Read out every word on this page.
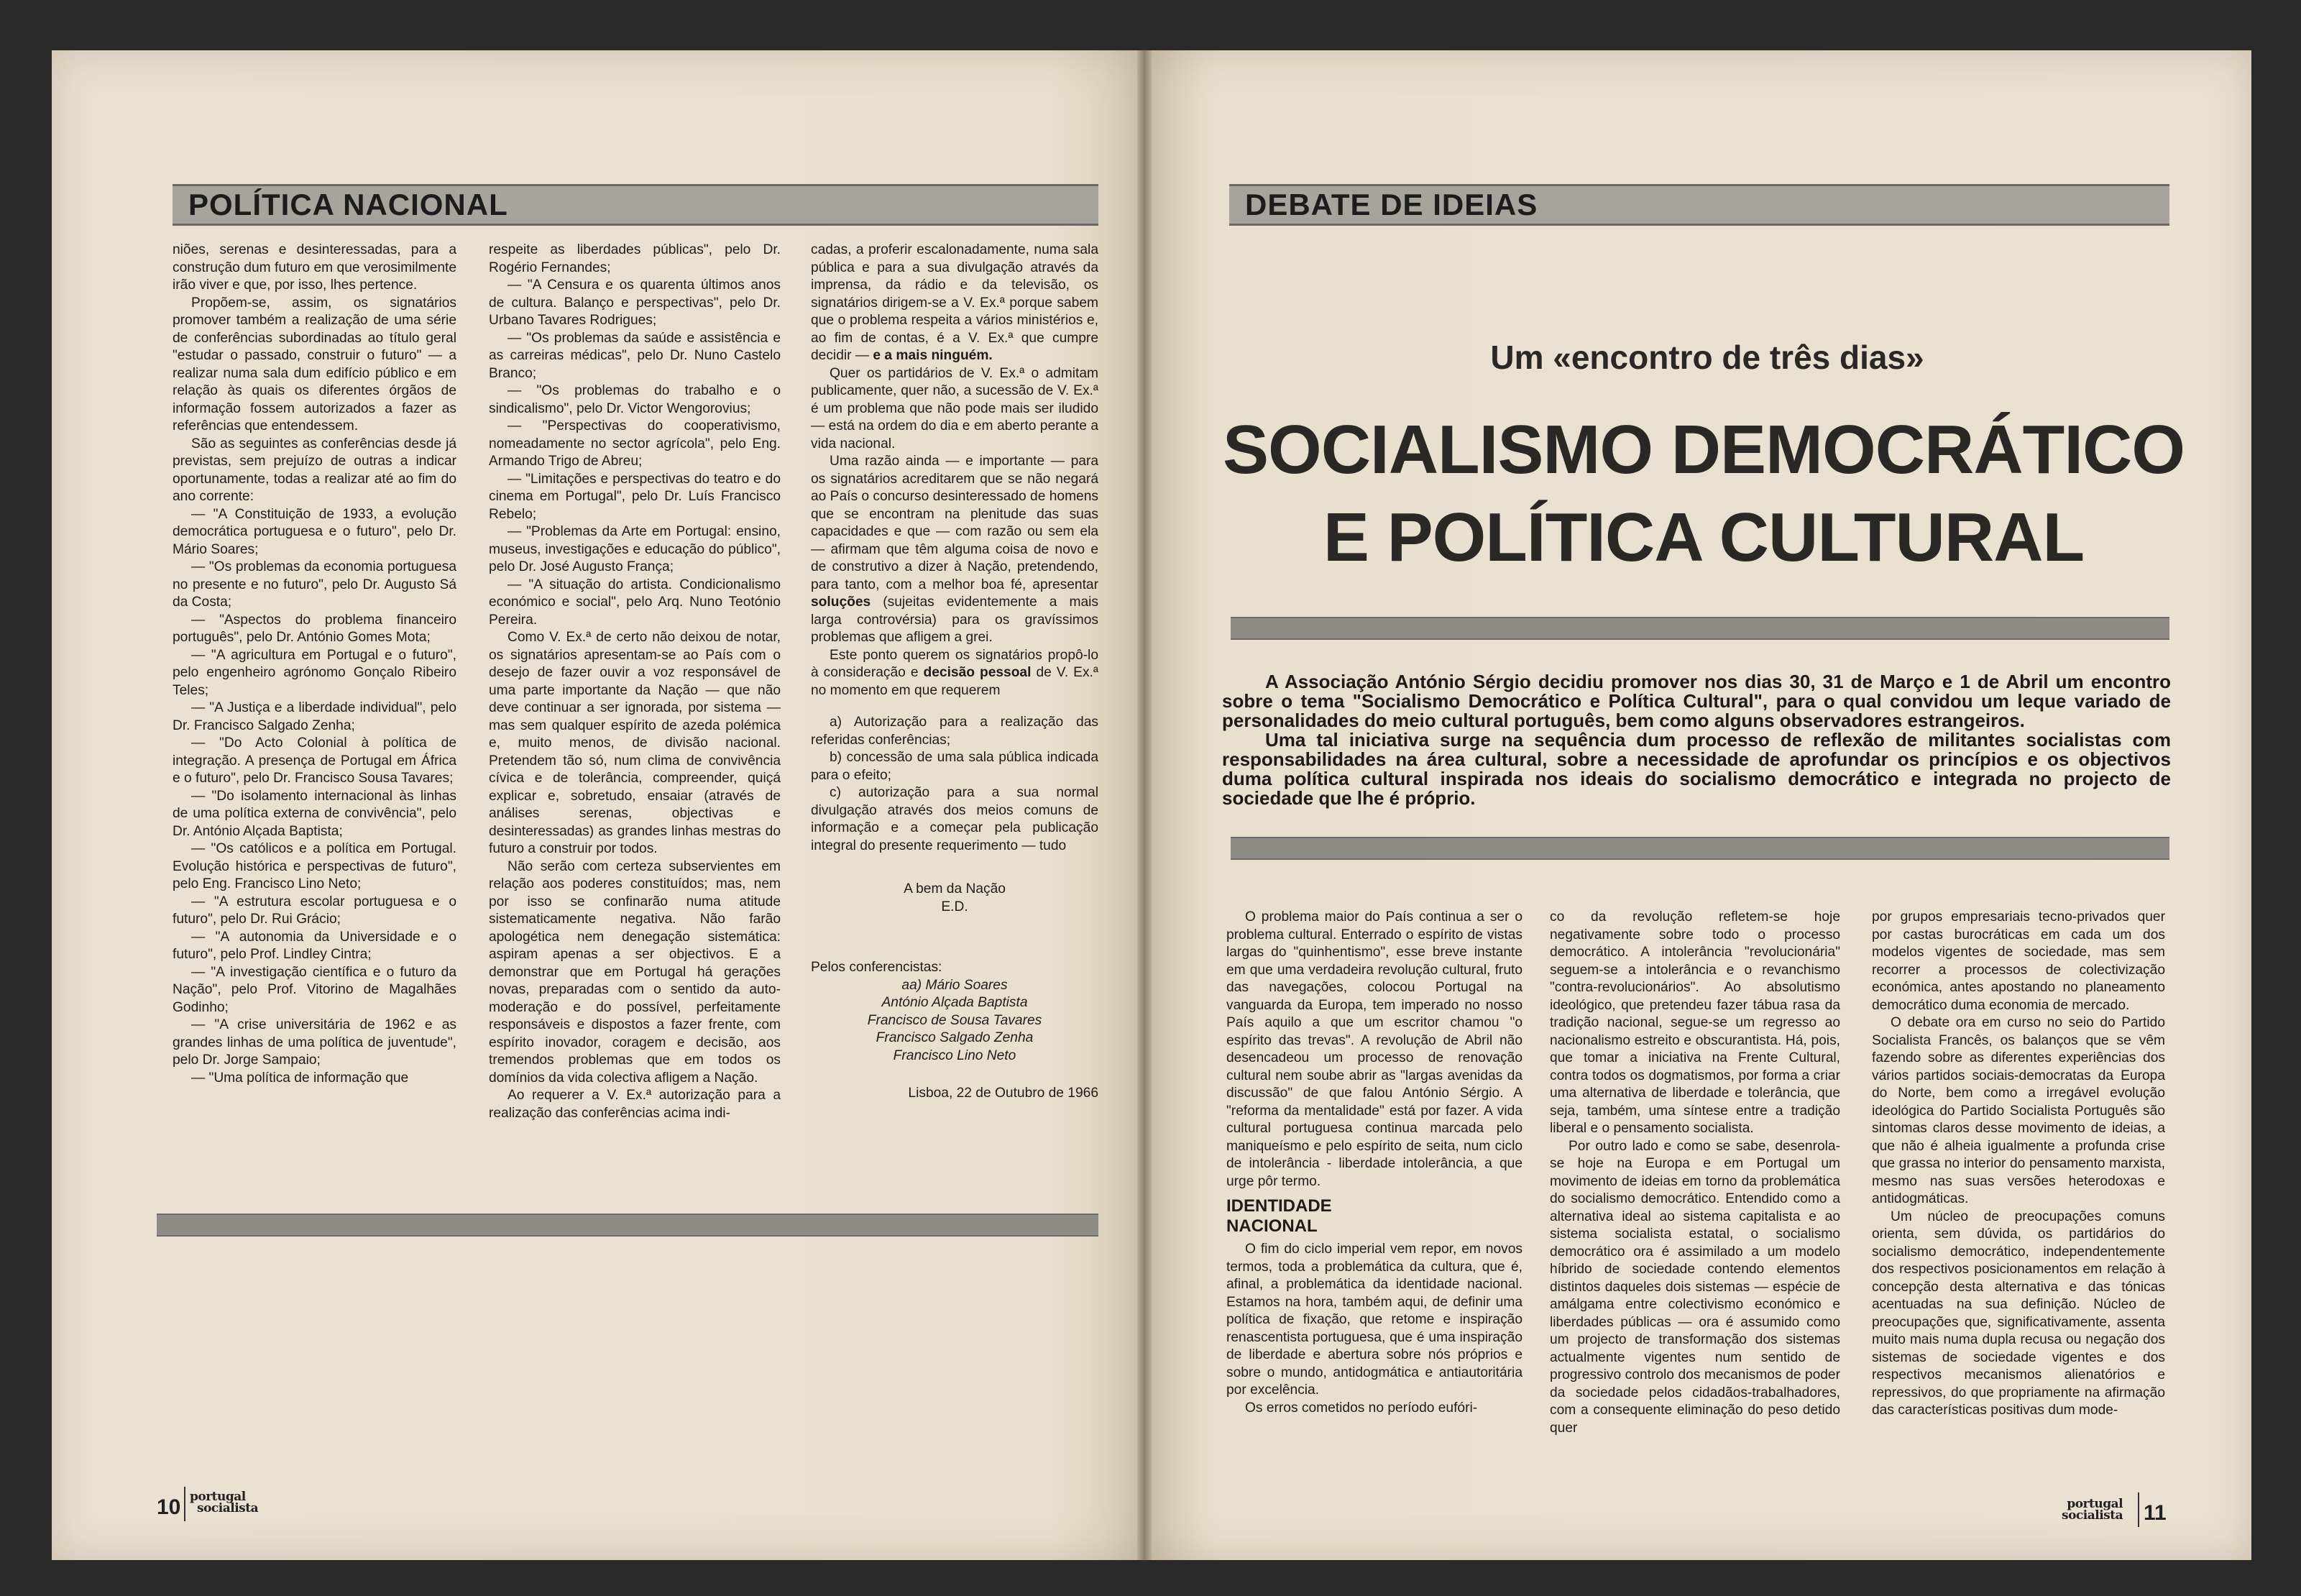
POLÍTICA NACIONAL

niões, serenas e desinteressadas, para a construção dum futuro em que verosimilmente irão viver e que, por isso, lhes pertence.

Propõem-se, assim, os signatários promover também a realização de uma série de conferências subordinadas ao título geral "estudar o passado, construir o futuro" — a realizar numa sala dum edifício público e em relação às quais os diferentes órgãos de informação fossem autorizados a fazer as referências que entendessem.

São as seguintes as conferências desde já previstas, sem prejuízo de outras a indicar oportunamente, todas a realizar até ao fim do ano corrente:

— "A Constituição de 1933, a evolução democrática portuguesa e o futuro", pelo Dr. Mário Soares;

— "Os problemas da economia portuguesa no presente e no futuro", pelo Dr. Augusto Sá da Costa;

— "Aspectos do problema financeiro português", pelo Dr. António Gomes Mota;

— "A agricultura em Portugal e o futuro", pelo engenheiro agrónomo Gonçalo Ribeiro Teles;

— "A Justiça e a liberdade individual", pelo Dr. Francisco Salgado Zenha;

— "Do Acto Colonial à política de integração. A presença de Portugal em África e o futuro", pelo Dr. Francisco Sousa Tavares;

— "Do isolamento internacional às linhas de uma política externa de convivência", pelo Dr. António Alçada Baptista;

— "Os católicos e a política em Portugal. Evolução histórica e perspectivas de futuro", pelo Eng. Francisco Lino Neto;

— "A estrutura escolar portuguesa e o futuro", pelo Dr. Rui Grácio;

— "A autonomia da Universidade e o futuro", pelo Prof. Lindley Cintra;

— "A investigação científica e o futuro da Nação", pelo Prof. Vitorino de Magalhães Godinho;

— "A crise universitária de 1962 e as grandes linhas de uma política de juventude", pelo Dr. Jorge Sampaio;

— "Uma política de informação que

respeite as liberdades públicas", pelo Dr. Rogério Fernandes;

— "A Censura e os quarenta últimos anos de cultura. Balanço e perspectivas", pelo Dr. Urbano Tavares Rodrigues;

— "Os problemas da saúde e assistência e as carreiras médicas", pelo Dr. Nuno Castelo Branco;

— "Os problemas do trabalho e o sindicalismo", pelo Dr. Victor Wengorovius;

— "Perspectivas do cooperativismo, nomeadamente no sector agrícola", pelo Eng. Armando Trigo de Abreu;

— "Limitações e perspectivas do teatro e do cinema em Portugal", pelo Dr. Luís Francisco Rebelo;

— "Problemas da Arte em Portugal: ensino, museus, investigações e educação do público", pelo Dr. José Augusto França;

— "A situação do artista. Condicionalismo económico e social", pelo Arq. Nuno Teotónio Pereira.

Como V. Ex.ª de certo não deixou de notar, os signatários apresentam-se ao País com o desejo de fazer ouvir a voz responsável de uma parte importante da Nação — que não deve continuar a ser ignorada, por sistema — mas sem qualquer espírito de azeda polémica e, muito menos, de divisão nacional. Pretendem tão só, num clima de convivência cívica e de tolerância, compreender, quiçá explicar e, sobretudo, ensaiar (através de análises serenas, objectivas e desinteressadas) as grandes linhas mestras do futuro a construir por todos.

Não serão com certeza subservientes em relação aos poderes constituídos; mas, nem por isso se confinarão numa atitude sistematicamente negativa. Não farão apologética nem denegação sistemática: aspiram apenas a ser objectivos. E a demonstrar que em Portugal há gerações novas, preparadas com o sentido da auto-moderação e do possível, perfeitamente responsáveis e dispostos a fazer frente, com espírito inovador, coragem e decisão, aos tremendos problemas que em todos os domínios da vida colectiva afligem a Nação.

Ao requerer a V. Ex.ª autorização para a realização das conferências acima indi-

cadas, a proferir escalonadamente, numa sala pública e para a sua divulgação através da imprensa, da rádio e da televisão, os signatários dirigem-se a V. Ex.ª porque sabem que o problema respeita a vários ministérios e, ao fim de contas, é a V. Ex.ª que cumpre decidir — e a mais ninguém.

Quer os partidários de V. Ex.ª o admitam publicamente, quer não, a sucessão de V. Ex.ª é um problema que não pode mais ser iludido — está na ordem do dia e em aberto perante a vida nacional.

Uma razão ainda — e importante — para os signatários acreditarem que se não negará ao País o concurso desinteressado de homens que se encontram na plenitude das suas capacidades e que — com razão ou sem ela — afirmam que têm alguma coisa de novo e de construtivo a dizer à Nação, pretendendo, para tanto, com a melhor boa fé, apresentar soluções (sujeitas evidentemente a mais larga controvérsia) para os gravíssimos problemas que afligem a grei.

Este ponto querem os signatários propô-lo à consideração e decisão pessoal de V. Ex.ª no momento em que requerem

a) Autorização para a realização das referidas conferências;

b) concessão de uma sala pública indicada para o efeito;

c) autorização para a sua normal divulgação através dos meios comuns de informação e a começar pela publicação integral do presente requerimento — tudo

A bem da Nação

E.D.

Pelos conferencistas:

aa) Mário Soares

António Alçada Baptista

Francisco de Sousa Tavares

Francisco Salgado Zenha

Francisco Lino Neto

Lisboa, 22 de Outubro de 1966

10 portugal
socialista
DEBATE DE IDEIAS
Um «encontro de três dias»
SOCIALISMO DEMOCRÁTICO
E POLÍTICA CULTURAL

A Associação António Sérgio decidiu promover nos dias 30, 31 de Março e 1 de Abril um encontro sobre o tema "Socialismo Democrático e Política Cultural", para o qual convidou um leque variado de personalidades do meio cultural português, bem como alguns observadores estrangeiros.

Uma tal iniciativa surge na sequência dum processo de reflexão de militantes socialistas com responsabilidades na área cultural, sobre a necessidade de aprofundar os princípios e os objectivos duma política cultural inspirada nos ideais do socialismo democrático e integrada no projecto de sociedade que lhe é próprio.

O problema maior do País continua a ser o problema cultural. Enterrado o espírito de vistas largas do "quinhentismo", esse breve instante em que uma verdadeira revolução cultural, fruto das navegações, colocou Portugal na vanguarda da Europa, tem imperado no nosso País aquilo a que um escritor chamou "o espírito das trevas". A revolução de Abril não desencadeou um processo de renovação cultural nem soube abrir as "largas avenidas da discussão" de que falou António Sérgio. A "reforma da mentalidade" está por fazer. A vida cultural portuguesa continua marcada pelo maniqueísmo e pelo espírito de seita, num ciclo de intolerância - liberdade intolerância, a que urge pôr termo.

IDENTIDADE
NACIONAL

O fim do ciclo imperial vem repor, em novos termos, toda a problemática da cultura, que é, afinal, a problemática da identidade nacional. Estamos na hora, também aqui, de definir uma política de fixação, que retome e inspiração renascentista portuguesa, que é uma inspiração de liberdade e abertura sobre nós próprios e sobre o mundo, antidogmática e antiautoritária por excelência.

Os erros cometidos no período eufóri-

co da revolução refletem-se hoje negativamente sobre todo o processo democrático. A intolerância "revolucionária" seguem-se a intolerância e o revanchismo "contra-revolucionários". Ao absolutismo ideológico, que pretendeu fazer tábua rasa da tradição nacional, segue-se um regresso ao nacionalismo estreito e obscurantista. Há, pois, que tomar a iniciativa na Frente Cultural, contra todos os dogmatismos, por forma a criar uma alternativa de liberdade e tolerância, que seja, também, uma síntese entre a tradição liberal e o pensamento socialista.

Por outro lado e como se sabe, desenrola-se hoje na Europa e em Portugal um movimento de ideias em torno da problemática do socialismo democrático. Entendido como a alternativa ideal ao sistema capitalista e ao sistema socialista estatal, o socialismo democrático ora é assimilado a um modelo híbrido de sociedade contendo elementos distintos daqueles dois sistemas — espécie de amálgama entre colectivismo económico e liberdades públicas — ora é assumido como um projecto de transformação dos sistemas actualmente vigentes num sentido de progressivo controlo dos mecanismos de poder da sociedade pelos cidadãos-trabalhadores, com a consequente eliminação do peso detido quer

por grupos empresariais tecno-privados quer por castas burocráticas em cada um dos modelos vigentes de sociedade, mas sem recorrer a processos de colectivização económica, antes apostando no planeamento democrático duma economia de mercado.

O debate ora em curso no seio do Partido Socialista Francês, os balanços que se vêm fazendo sobre as diferentes experiências dos vários partidos sociais-democratas da Europa do Norte, bem como a irregável evolução ideológica do Partido Socialista Português são sintomas claros desse movimento de ideias, a que não é alheia igualmente a profunda crise que grassa no interior do pensamento marxista, mesmo nas suas versões heterodoxas e antidogmáticas.

Um núcleo de preocupações comuns orienta, sem dúvida, os partidários do socialismo democrático, independentemente dos respectivos posicionamentos em relação à concepção desta alternativa e das tónicas acentuadas na sua definição. Núcleo de preocupações que, significativamente, assenta muito mais numa dupla recusa ou negação dos sistemas de sociedade vigentes e dos respectivos mecanismos alienatórios e repressivos, do que propriamente na afirmação das características positivas dum mode-

portugal
socialista 11
